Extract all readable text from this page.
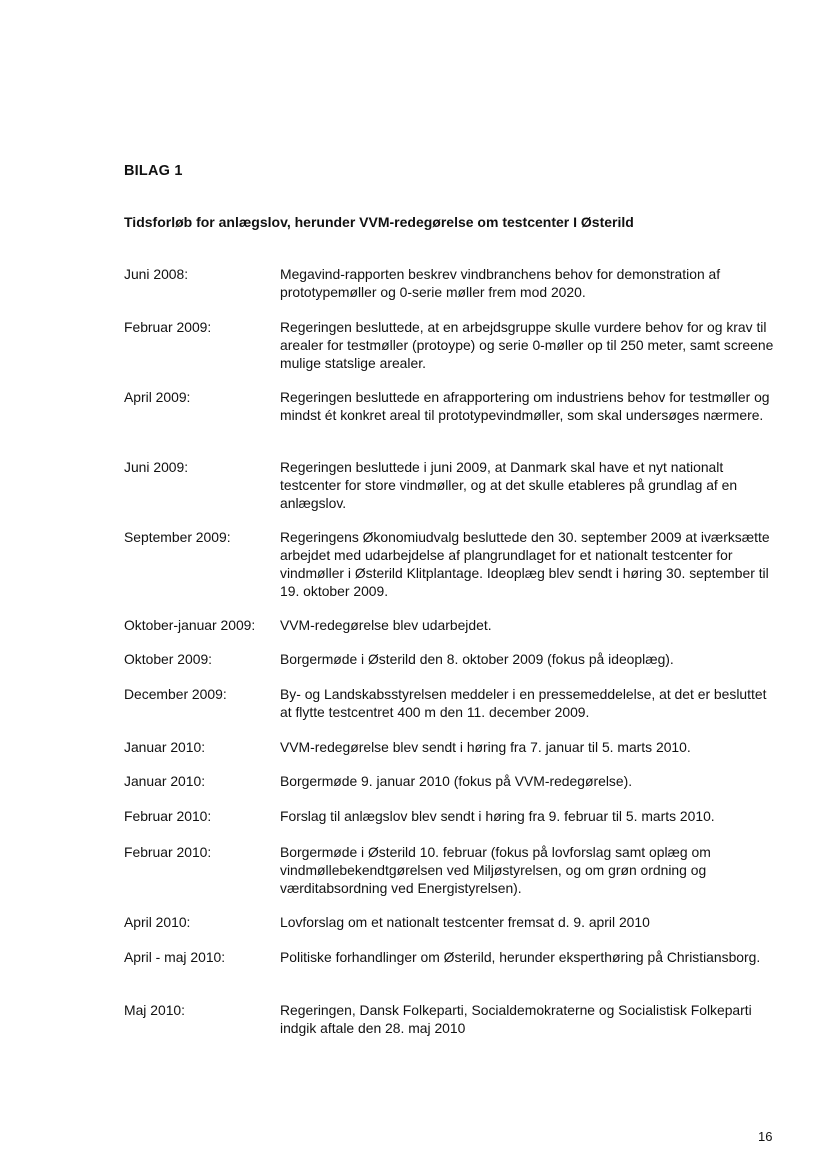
BILAG 1
Tidsforløb for anlægslov, herunder VVM-redegørelse om testcenter I Østerild
Juni 2008:	Megavind-rapporten beskrev vindbranchens behov for demonstration af prototypemøller og 0-serie møller frem mod 2020.
Februar 2009:	Regeringen besluttede, at en arbejdsgruppe skulle vurdere behov for og krav til arealer for testmøller (protoype) og serie 0-møller op til 250 meter, samt screene mulige statslige arealer.
April 2009:	Regeringen besluttede en afrapportering om industriens behov for testmøller og mindst ét konkret areal til prototypevindmøller, som skal undersøges nærmere.
Juni 2009:	Regeringen besluttede i juni 2009, at Danmark skal have et nyt nationalt testcenter for store vindmøller, og at det skulle etableres på grundlag af en anlægslov.
September 2009:	Regeringens Økonomiudvalg besluttede den 30. september 2009 at iværksætte arbejdet med udarbejdelse af plangrundlaget for et nationalt testcenter for vindmøller i Østerild Klitplantage. Ideoplæg blev sendt i høring 30. september til 19. oktober 2009.
Oktober-januar 2009:	VVM-redegørelse blev udarbejdet.
Oktober 2009:	Borgermøde i Østerild den 8. oktober 2009 (fokus på ideoplæg).
December 2009:	By- og Landskabsstyrelsen meddeler i en pressemeddelelse, at det er besluttet at flytte testcentret 400 m den 11. december 2009.
Januar 2010:	VVM-redegørelse blev sendt i høring fra 7. januar til 5. marts 2010.
Januar 2010:	Borgermøde 9. januar 2010 (fokus på VVM-redegørelse).
Februar 2010:	Forslag til anlægslov blev sendt i høring fra 9. februar til 5. marts 2010.
Februar 2010:	Borgermøde i Østerild 10. februar (fokus på lovforslag samt oplæg om vindmøllebekendtgørelsen ved Miljøstyrelsen, og om grøn ordning og værditabsordning ved Energistyrelsen).
April 2010:	Lovforslag om et nationalt testcenter fremsat d. 9. april 2010
April - maj 2010:	Politiske forhandlinger om Østerild, herunder eksperthøring på Christiansborg.
Maj 2010:	Regeringen, Dansk Folkeparti, Socialdemokraterne og Socialistisk Folkeparti indgik aftale den 28. maj 2010
16
